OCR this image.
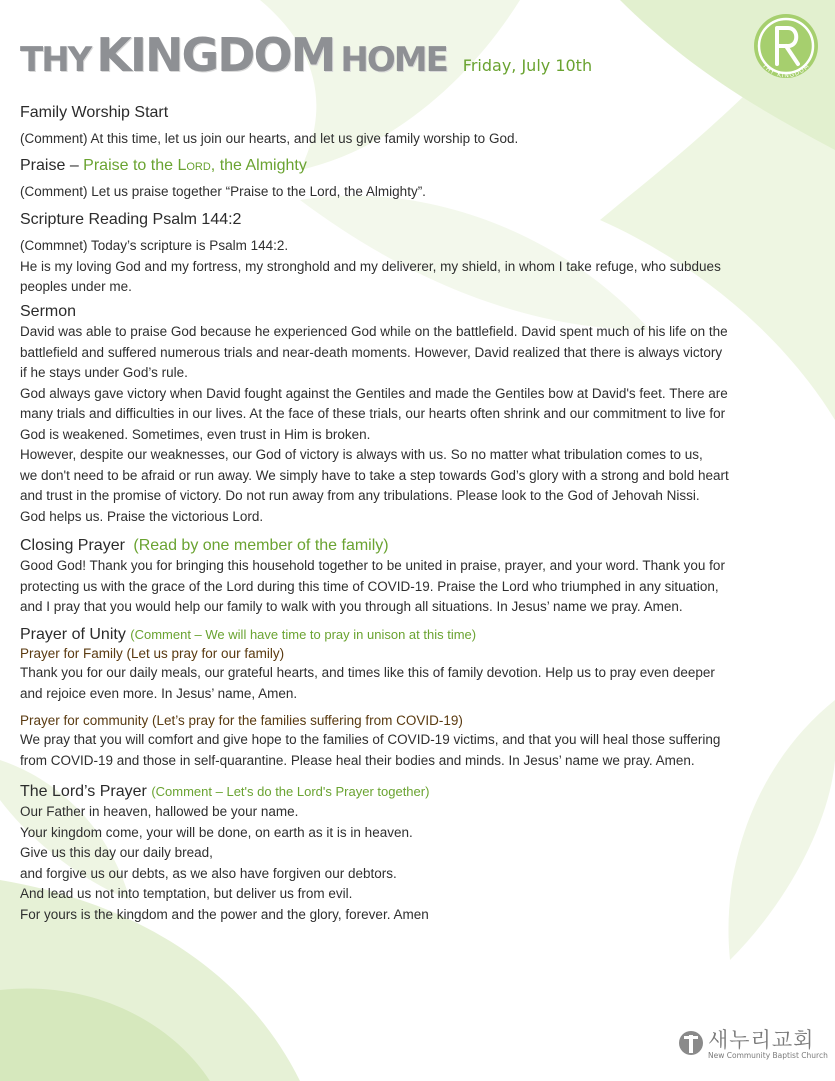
THY KINGDOM HOME Friday, July 10th	THY KINGDOM
Family Worship Start
(Comment) At this time, let us join our hearts, and let us give family worship to God.
Praise – Praise to the Lord, the Almighty
(Comment) Let us praise together “Praise to the Lord, the Almighty”.
Scripture Reading Psalm 144:2
(Commnet) Today’s scripture is Psalm 144:2.
He is my loving God and my fortress, my stronghold and my deliverer, my shield, in whom I take refuge, who subdues
peoples under me.
Sermon
David was able to praise God because he experienced God while on the battlefield. David spent much of his life on the
battlefield and suffered numerous trials and near-death moments. However, David realized that there is always victory
if he stays under God’s rule.
God always gave victory when David fought against the Gentiles and made the Gentiles bow at David's feet. There are
many trials and difficulties in our lives. At the face of these trials, our hearts often shrink and our commitment to live for
God is weakened. Sometimes, even trust in Him is broken.
However, despite our weaknesses, our God of victory is always with us. So no matter what tribulation comes to us,
we don't need to be afraid or run away. We simply have to take a step towards God’s glory with a strong and bold heart
and trust in the promise of victory. Do not run away from any tribulations. Please look to the God of Jehovah Nissi.
God helps us. Praise the victorious Lord.
Closing Prayer (Read by one member of the family)
Good God! Thank you for bringing this household together to be united in praise, prayer, and your word. Thank you for
protecting us with the grace of the Lord during this time of COVID-19. Praise the Lord who triumphed in any situation,
and I pray that you would help our family to walk with you through all situations. In Jesus’ name we pray. Amen.
Prayer of Unity (Comment – We will have time to pray in unison at this time)
Prayer for Family (Let us pray for our family)
Thank you for our daily meals, our grateful hearts, and times like this of family devotion. Help us to pray even deeper
and rejoice even more. In Jesus’ name, Amen.
Prayer for community (Let’s pray for the families suffering from COVID-19)
We pray that you will comfort and give hope to the families of COVID-19 victims, and that you will heal those suffering
from COVID-19 and those in self-quarantine. Please heal their bodies and minds. In Jesus’ name we pray. Amen.
The Lord’s Prayer (Comment – Let's do the Lord's Prayer together)
Our Father in heaven, hallowed be your name.
Your kingdom come, your will be done, on earth as it is in heaven.
Give us this day our daily bread,
and forgive us our debts, as we also have forgiven our debtors.
And lead us not into temptation, but deliver us from evil.
For yours is the kingdom and the power and the glory, forever. Amen
새누리교회
New Community Baptist Church
